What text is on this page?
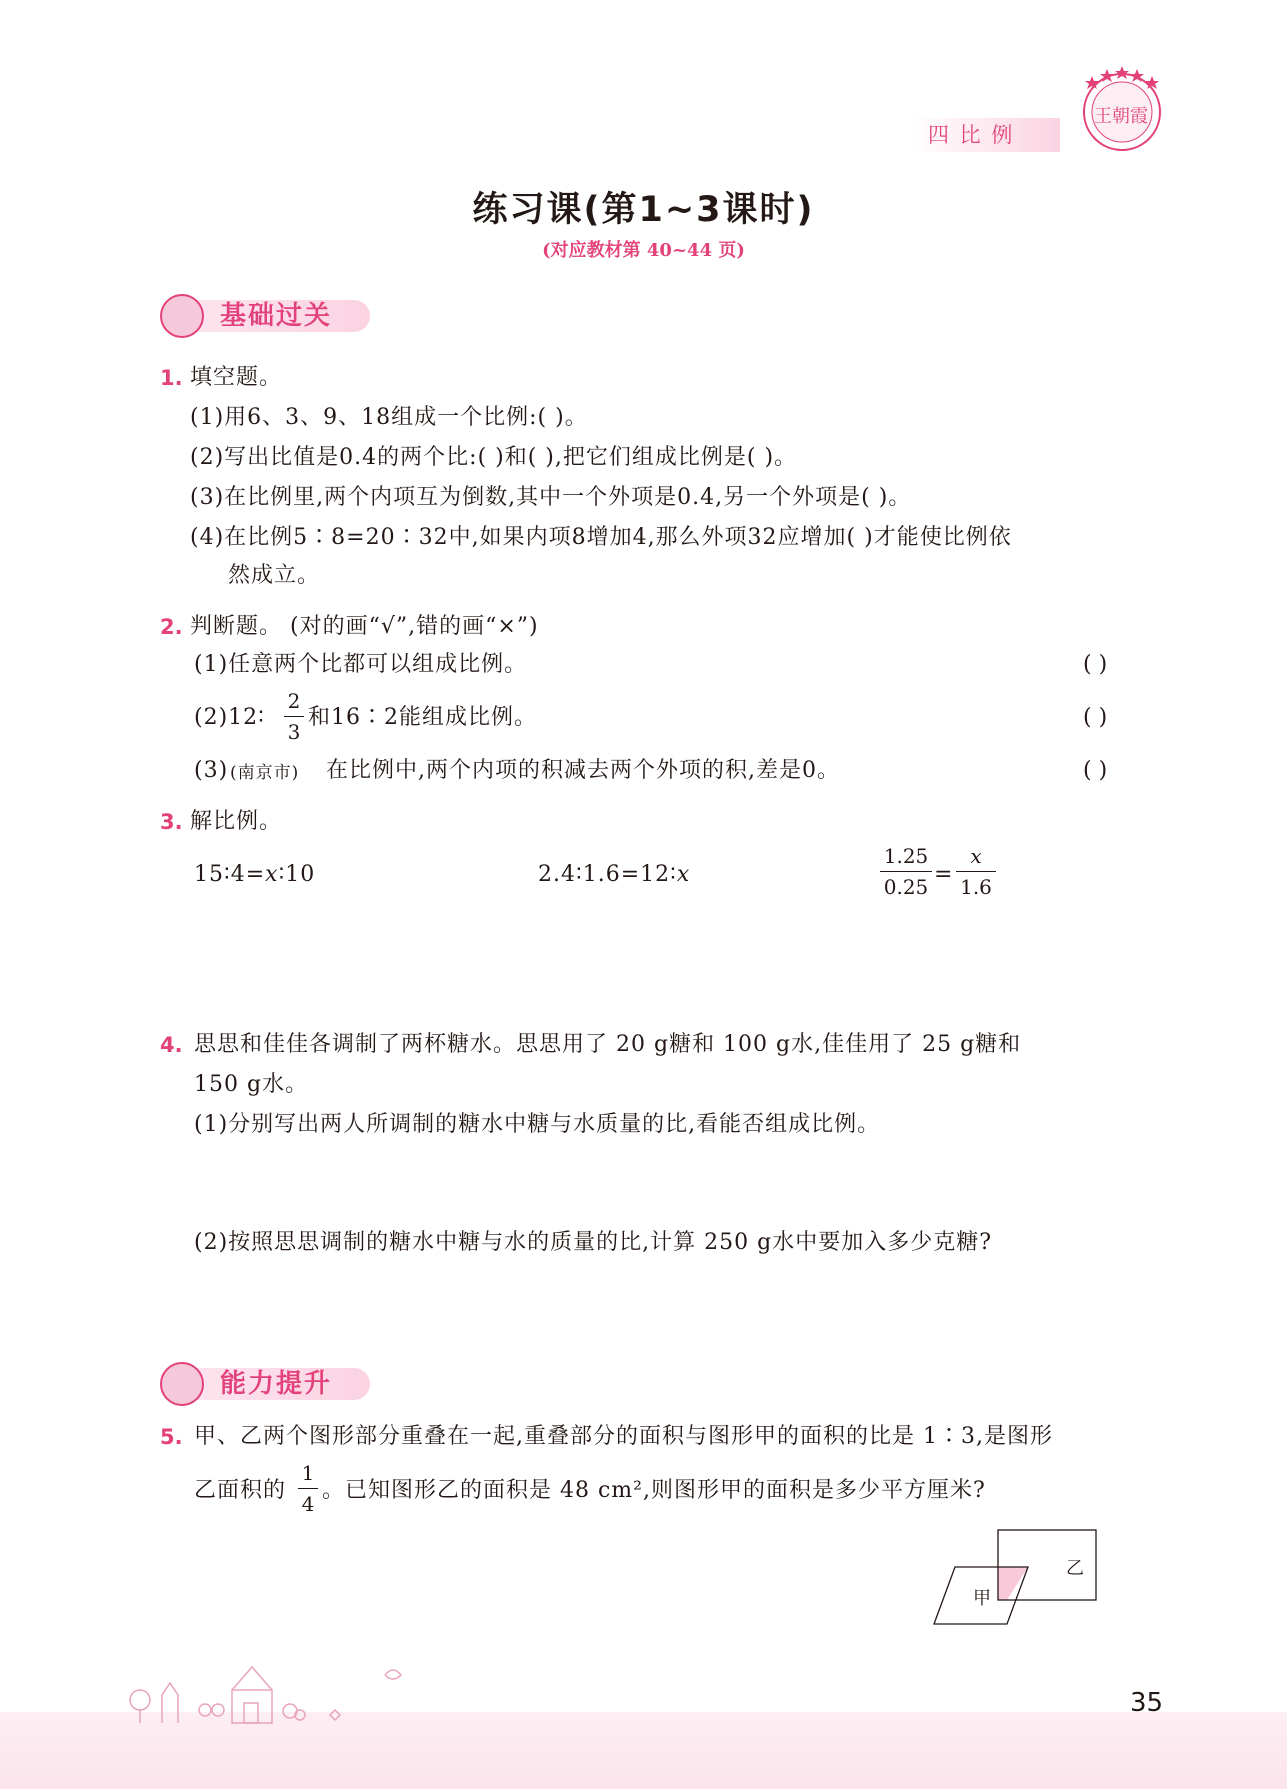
四 比 例
王朝霞
练习课(第1~3课时)
(对应教材第 40~44 页)
基础过关
1. 填空题。
(1)用6、3、9、18组成一个比例:( )。
(2)写出比值是0.4的两个比:( )和( ),把它们组成比例是( )。
(3)在比例里,两个内项互为倒数,其中一个外项是0.4,另一个外项是( )。
(4)在比例5∶8=20∶32中,如果内项8增加4,那么外项32应增加( )才能使比例依
然成立。
2. 判断题。 (对的画“√”,错的画“×”)
(1)任意两个比都可以组成比例。	( )
(2)12∶
2
3
和16∶2能组成比例。	( )
(3) (南京市) 在比例中,两个内项的积减去两个外项的积,差是0。	( )
3. 解比例。
15∶4=x∶10	2.4∶1.6=12∶x
1.25
0.25 =
x
1.6
4. 思思和佳佳各调制了两杯糖水。思思用了 20 g糖和 100 g水,佳佳用了 25 g糖和
150 g水。
(1)分别写出两人所调制的糖水中糖与水质量的比,看能否组成比例。
(2)按照思思调制的糖水中糖与水的质量的比,计算 250 g水中要加入多少克糖?
能力提升
5. 甲、乙两个图形部分重叠在一起,重叠部分的面积与图形甲的面积的比是 1∶3,是图形
乙面积的
1
4
。已知图形乙的面积是 48 cm²,则图形甲的面积是多少平方厘米?
甲
乙
35
